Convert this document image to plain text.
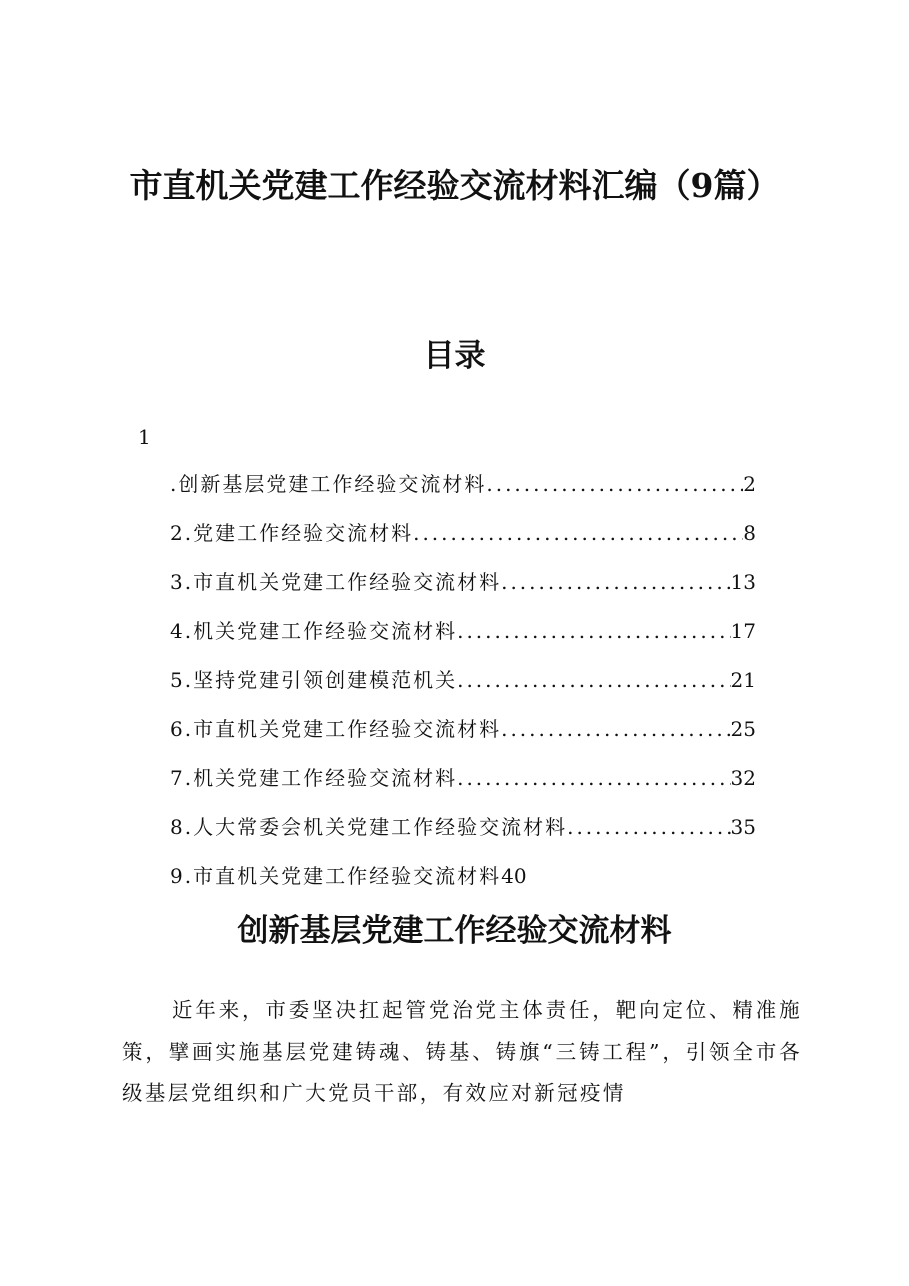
市直机关党建工作经验交流材料汇编（9篇）
目录
1
.创新基层党建工作经验交流材料 .....	2
2.党建工作经验交流材料 .....	8
3.市直机关党建工作经验交流材料 .....	13
4.机关党建工作经验交流材料 .....	17
5.坚持党建引领创建模范机关 .....	21
6.市直机关党建工作经验交流材料 .....	25
7.机关党建工作经验交流材料 .....	32
8.人大常委会机关党建工作经验交流材料 .....	35
9.市直机关党建工作经验交流材料 40
创新基层党建工作经验交流材料

近年来，市委坚决扛起管党治党主体责任，靶向定位、精准施策，擘画实施基层党建铸魂、铸基、铸旗“三铸工程”，引领全市各级基层党组织和广大党员干部，有效应对新冠疫情
